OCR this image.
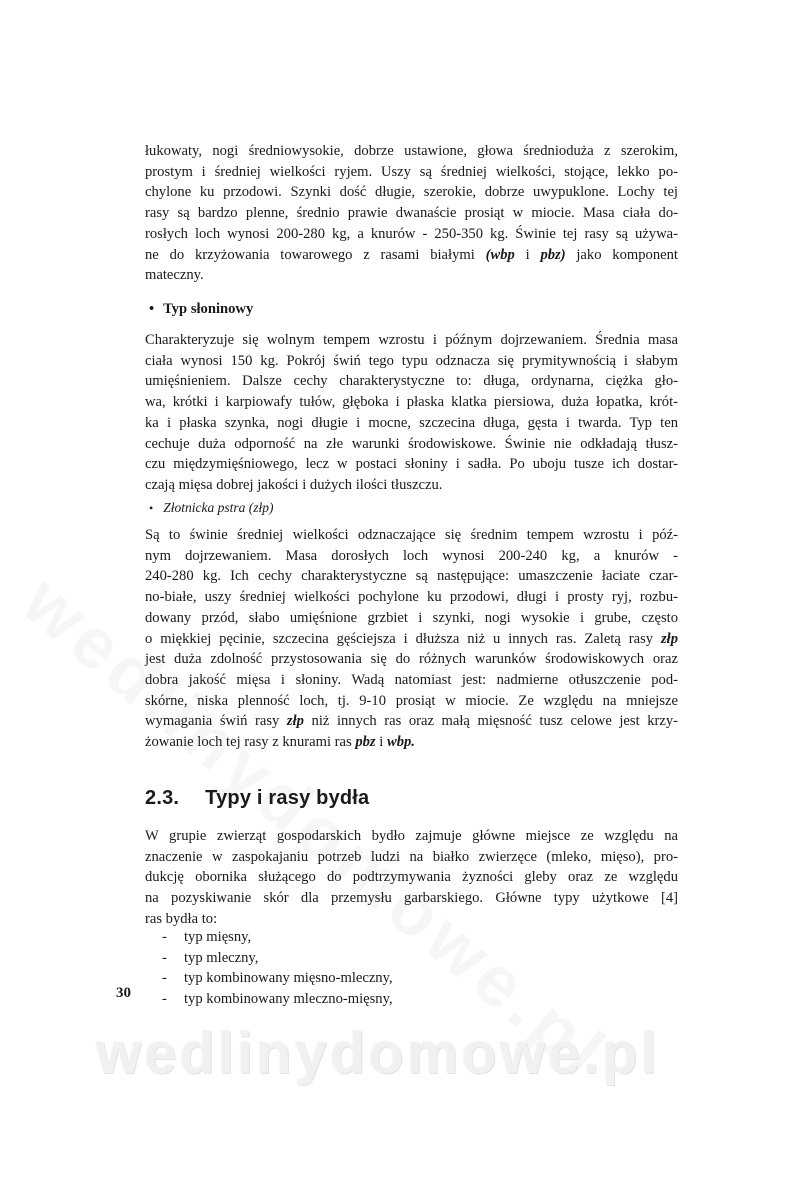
łukowaty, nogi średniowysokie, dobrze ustawione, głowa średnioduża z szerokim,
prostym i średniej wielkości ryjem. Uszy są średniej wielkości, stojące, lekko po-
chylone ku przodowi. Szynki dość długie, szerokie, dobrze uwypuklone. Lochy tej
rasy są bardzo plenne, średnio prawie dwanaście prosiąt w miocie. Masa ciała do-
rosłych loch wynosi 200-280 kg, a knurów - 250-350 kg. Świnie tej rasy są używa-
ne do krzyżowania towarowego z rasami białymi (wbp i pbz) jako komponent
mateczny.
• Typ słoninowy
Charakteryzuje się wolnym tempem wzrostu i późnym dojrzewaniem. Średnia masa
ciała wynosi 150 kg. Pokrój świń tego typu odznacza się prymitywnością i słabym
umięśnieniem. Dalsze cechy charakterystyczne to: długa, ordynarna, ciężka gło-
wa, krótki i karpiowafy tułów, głęboka i płaska klatka piersiowa, duża łopatka, krót-
ka i płaska szynka, nogi długie i mocne, szczecina długa, gęsta i twarda. Typ ten
cechuje duża odporność na złe warunki środowiskowe. Świnie nie odkładają tłusz-
czu międzymięśniowego, lecz w postaci słoniny i sadła. Po uboju tusze ich dostar-
czają mięsa dobrej jakości i dużych ilości tłuszczu.
• Złotnicka pstra (złp)
Są to świnie średniej wielkości odznaczające się średnim tempem wzrostu i póź-
nym dojrzewaniem. Masa dorosłych loch wynosi 200-240 kg, a knurów -
240-280 kg. Ich cechy charakterystyczne są następujące: umaszczenie łaciate czar-
no-białe, uszy średniej wielkości pochylone ku przodowi, długi i prosty ryj, rozbu-
dowany przód, słabo umięśnione grzbiet i szynki, nogi wysokie i grube, często
o miękkiej pęcinie, szczecina gęściejsza i dłuższa niż u innych ras. Zaletą rasy złp
jest duża zdolność przystosowania się do różnych warunków środowiskowych oraz
dobra jakość mięsa i słoniny. Wadą natomiast jest: nadmierne otłuszczenie pod-
skórne, niska plenność loch, tj. 9-10 prosiąt w miocie. Ze względu na mniejsze
wymagania świń rasy złp niż innych ras oraz małą mięsność tusz celowe jest krzy-
żowanie loch tej rasy z knurami ras pbz i wbp.
2.3. Typy i rasy bydła
W grupie zwierząt gospodarskich bydło zajmuje główne miejsce ze względu na
znaczenie w zaspokajaniu potrzeb ludzi na białko zwierzęce (mleko, mięso), pro-
dukcję obornika służącego do podtrzymywania żyzności gleby oraz ze względu
na pozyskiwanie skór dla przemysłu garbarskiego. Główne typy użytkowe [4]
ras bydła to:
- typ mięsny,
- typ mleczny,
- typ kombinowany mięsno-mleczny,
- typ kombinowany mleczno-mięsny,
30
wedlinydomowe.pl
